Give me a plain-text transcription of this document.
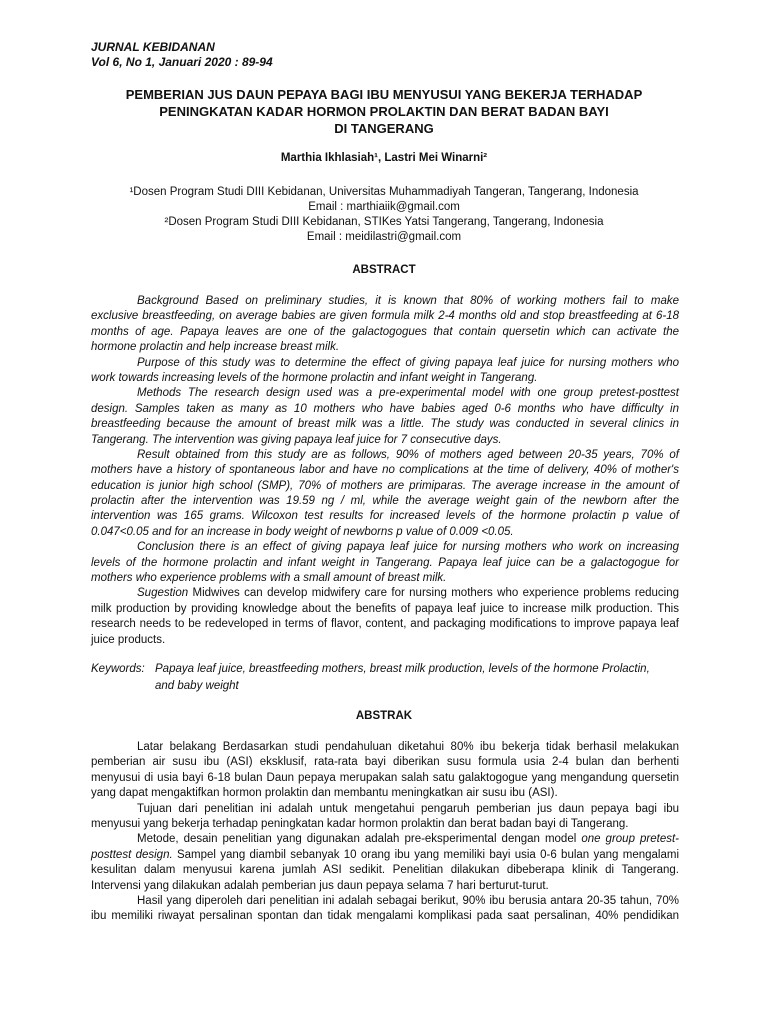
JURNAL KEBIDANAN
Vol 6, No 1, Januari 2020 : 89-94
PEMBERIAN JUS DAUN PEPAYA BAGI IBU MENYUSUI YANG BEKERJA TERHADAP
PENINGKATAN KADAR HORMON PROLAKTIN DAN BERAT BADAN BAYI
DI TANGERANG
Marthia Ikhlasiah¹, Lastri Mei Winarni²
¹Dosen Program Studi DIII Kebidanan, Universitas Muhammadiyah Tangeran, Tangerang, Indonesia
Email : marthiaiik@gmail.com
²Dosen Program Studi DIII Kebidanan, STIKes Yatsi Tangerang, Tangerang, Indonesia
Email : meidilastri@gmail.com
ABSTRACT
Background Based on preliminary studies, it is known that 80% of working mothers fail to make
exclusive breastfeeding, on average babies are given formula milk 2-4 months old and stop breastfeeding at 6-18
months of age. Papaya leaves are one of the galactogogues that contain quersetin which can activate the
hormone prolactin and help increase breast milk.
Purpose of this study was to determine the effect of giving papaya leaf juice for nursing mothers who
work towards increasing levels of the hormone prolactin and infant weight in Tangerang.
Methods The research design used was a pre-experimental model with one group pretest-posttest
design. Samples taken as many as 10 mothers who have babies aged 0-6 months who have difficulty in
breastfeeding because the amount of breast milk was a little. The study was conducted in several clinics in
Tangerang. The intervention was giving papaya leaf juice for 7 consecutive days.
Result obtained from this study are as follows, 90% of mothers aged between 20-35 years, 70% of
mothers have a history of spontaneous labor and have no complications at the time of delivery, 40% of mother's
education is junior high school (SMP), 70% of mothers are primiparas. The average increase in the amount of
prolactin after the intervention was 19.59 ng / ml, while the average weight gain of the newborn after the
intervention was 165 grams. Wilcoxon test results for increased levels of the hormone prolactin p value of
0.047<0.05 and for an increase in body weight of newborns p value of 0.009 <0.05.
Conclusion there is an effect of giving papaya leaf juice for nursing mothers who work on increasing
levels of the hormone prolactin and infant weight in Tangerang. Papaya leaf juice can be a galactogogue for
mothers who experience problems with a small amount of breast milk.
Sugestion Midwives can develop midwifery care for nursing mothers who experience problems reducing
milk production by providing knowledge about the benefits of papaya leaf juice to increase milk production. This
research needs to be redeveloped in terms of flavor, content, and packaging modifications to improve papaya leaf
juice products.
Keywords: Papaya leaf juice, breastfeeding mothers, breast milk production, levels of the hormone Prolactin,
and baby weight
ABSTRAK
Latar belakang Berdasarkan studi pendahuluan diketahui 80% ibu bekerja tidak berhasil melakukan
pemberian air susu ibu (ASI) eksklusif, rata-rata bayi diberikan susu formula usia 2-4 bulan dan berhenti
menyusui di usia bayi 6-18 bulan Daun pepaya merupakan salah satu galaktogogue yang mengandung quersetin
yang dapat mengaktifkan hormon prolaktin dan membantu meningkatkan air susu ibu (ASI).
Tujuan dari penelitian ini adalah untuk mengetahui pengaruh pemberian jus daun pepaya bagi ibu
menyusui yang bekerja terhadap peningkatan kadar hormon prolaktin dan berat badan bayi di Tangerang.
Metode, desain penelitian yang digunakan adalah pre-eksperimental dengan model one group pretest-
posttest design. Sampel yang diambil sebanyak 10 orang ibu yang memiliki bayi usia 0-6 bulan yang mengalami
kesulitan dalam menyusui karena jumlah ASI sedikit. Penelitian dilakukan dibeberapa klinik di Tangerang.
Intervensi yang dilakukan adalah pemberian jus daun pepaya selama 7 hari berturut-turut.
Hasil yang diperoleh dari penelitian ini adalah sebagai berikut, 90% ibu berusia antara 20-35 tahun, 70%
ibu memiliki riwayat persalinan spontan dan tidak mengalami komplikasi pada saat persalinan, 40% pendidikan
